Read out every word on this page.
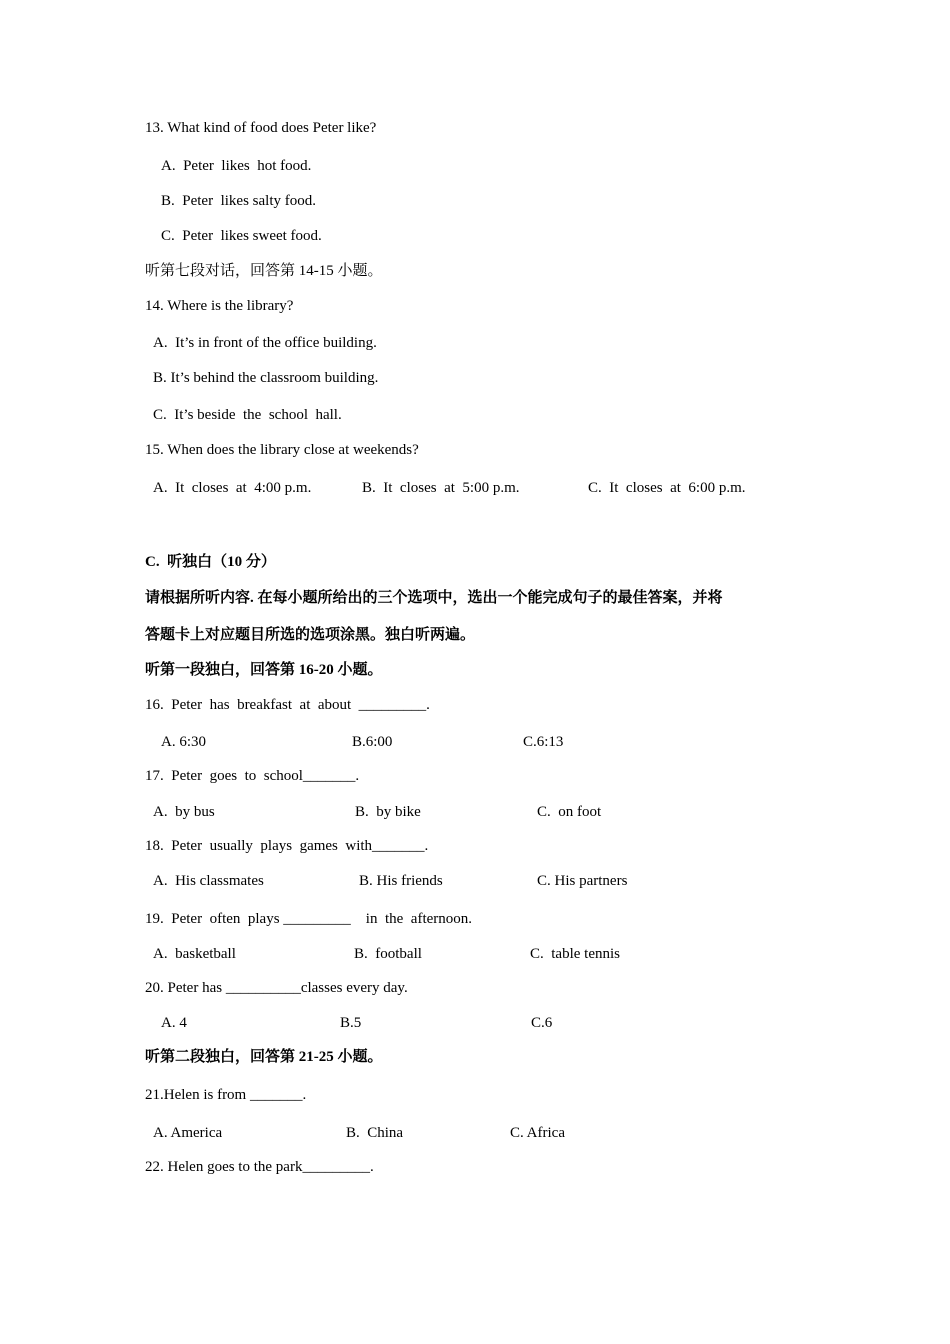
13. What kind of food does Peter like?
A.  Peter  likes  hot food.
B.  Peter  likes salty food.
C.  Peter  likes sweet food.
听第七段对话，回答第 14-15 小题。
14. Where is the library?
A.  It’s in front of the office building.
B. It’s behind the classroom building.
C.  It’s beside  the  school  hall.
15. When does the library close at weekends?
A.  It  closes  at  4:00 p.m.	B.  It  closes  at  5:00 p.m.	C.  It  closes  at  6:00 p.m.
C.  听独白（10 分）
请根据所听内容. 在每小题所给出的三个选项中，选出一个能完成句子的最佳答案，并将
答题卡上对应题目所选的选项涂黑。独白听两遍。
听第一段独白，回答第 16-20 小题。
16.  Peter  has  breakfast  at  about  _________.
A. 6:30	B.6:00	C.6:13
17.  Peter  goes  to  school_______.
A.  by bus	B.  by bike	C.  on foot
18.  Peter  usually  plays  games  with_______.
A.  His classmates	B. His friends	C. His partners
19.  Peter  often  plays _________    in  the  afternoon.
A.  basketball	B.  football	C.  table tennis
20. Peter has __________classes every day.
A. 4	B.5	C.6
听第二段独白，回答第 21-25 小题。
21.Helen is from _______.
A. America	B.  China	C. Africa
22. Helen goes to the park_________.
